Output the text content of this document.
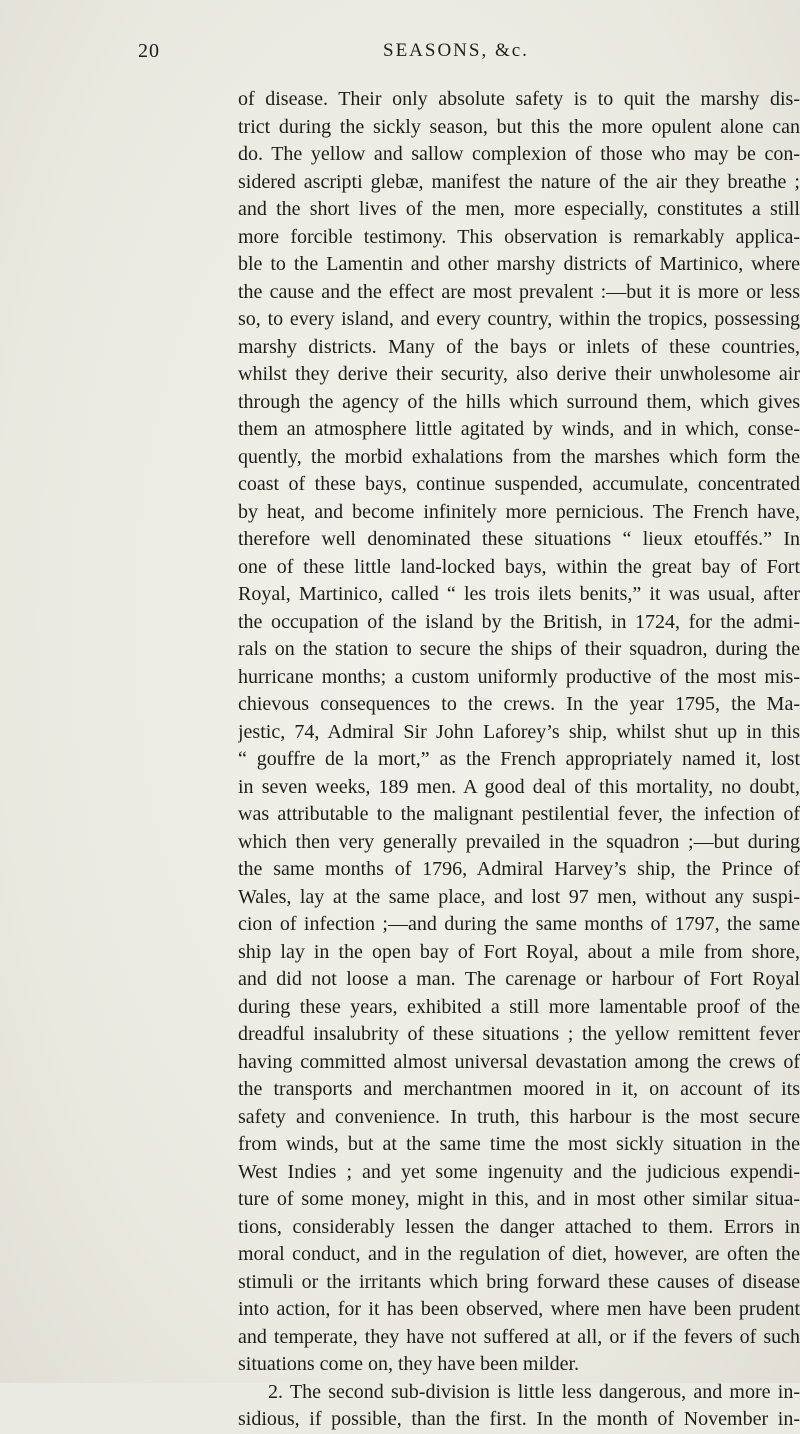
20	SEASONS, &c.
of disease. Their only absolute safety is to quit the marshy dis-
trict during the sickly season, but this the more opulent alone can
do. The yellow and sallow complexion of those who may be con-
sidered ascripti glebæ, manifest the nature of the air they breathe ;
and the short lives of the men, more especially, constitutes a still
more forcible testimony. This observation is remarkably applica-
ble to the Lamentin and other marshy districts of Martinico, where
the cause and the effect are most prevalent :—but it is more or less
so, to every island, and every country, within the tropics, possessing
marshy districts. Many of the bays or inlets of these countries,
whilst they derive their security, also derive their unwholesome air
through the agency of the hills which surround them, which gives
them an atmosphere little agitated by winds, and in which, conse-
quently, the morbid exhalations from the marshes which form the
coast of these bays, continue suspended, accumulate, concentrated
by heat, and become infinitely more pernicious. The French have,
therefore well denominated these situations “ lieux etouffés.” In
one of these little land-locked bays, within the great bay of Fort
Royal, Martinico, called “ les trois ilets benits,” it was usual, after
the occupation of the island by the British, in 1724, for the admi-
rals on the station to secure the ships of their squadron, during the
hurricane months; a custom uniformly productive of the most mis-
chievous consequences to the crews. In the year 1795, the Ma-
jestic, 74, Admiral Sir John Laforey’s ship, whilst shut up in this
“ gouffre de la mort,” as the French appropriately named it, lost
in seven weeks, 189 men. A good deal of this mortality, no doubt,
was attributable to the malignant pestilential fever, the infection of
which then very generally prevailed in the squadron ;—but during
the same months of 1796, Admiral Harvey’s ship, the Prince of
Wales, lay at the same place, and lost 97 men, without any suspi-
cion of infection ;—and during the same months of 1797, the same
ship lay in the open bay of Fort Royal, about a mile from shore,
and did not loose a man. The carenage or harbour of Fort Royal
during these years, exhibited a still more lamentable proof of the
dreadful insalubrity of these situations ; the yellow remittent fever
having committed almost universal devastation among the crews of
the transports and merchantmen moored in it, on account of its
safety and convenience. In truth, this harbour is the most secure
from winds, but at the same time the most sickly situation in the
West Indies ; and yet some ingenuity and the judicious expendi-
ture of some money, might in this, and in most other similar situa-
tions, considerably lessen the danger attached to them. Errors in
moral conduct, and in the regulation of diet, however, are often the
stimuli or the irritants which bring forward these causes of disease
into action, for it has been observed, where men have been prudent
and temperate, they have not suffered at all, or if the fevers of such
situations come on, they have been milder.
2. The second sub-division is little less dangerous, and more in-
sidious, if possible, than the first. In the month of November in-
